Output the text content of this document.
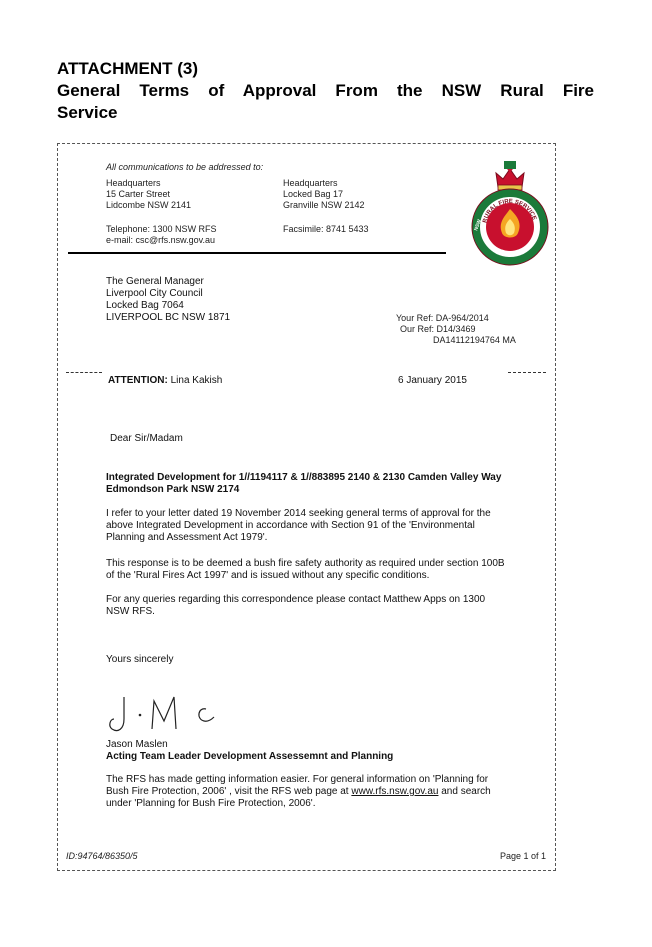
ATTACHMENT (3)
General Terms of Approval From the NSW Rural Fire
Service
All communications to be addressed to:
Headquarters
15 Carter Street
Lidcombe NSW 2141
Headquarters
Locked Bag 17
Granville NSW 2142
Telephone: 1300 NSW RFS
e-mail: csc@rfs.nsw.gov.au
Facsimile: 8741 5433
RURAL FIRE SERVICE
NSW
The General Manager
Liverpool City Council
Locked Bag 7064
LIVERPOOL BC NSW 1871	Your Ref: DA-964/2014
Our Ref: D14/3469
DA14112194764 MA
ATTENTION: Lina Kakish	6 January 2015
Dear Sir/Madam
Integrated Development for 1//1194117 & 1//883895 2140 & 2130 Camden Valley Way Edmondson Park NSW 2174
I refer to your letter dated 19 November 2014 seeking general terms of approval for the above Integrated Development in accordance with Section 91 of the 'Environmental Planning and Assessment Act 1979'.
This response is to be deemed a bush fire safety authority as required under section 100B of the 'Rural Fires Act 1997' and is issued without any specific conditions.
For any queries regarding this correspondence please contact Matthew Apps on 1300 NSW RFS.
Yours sincerely
Jason Maslen
Acting Team Leader Development Assessemnt and Planning
The RFS has made getting information easier. For general information on 'Planning for Bush Fire Protection, 2006' , visit the RFS web page at www.rfs.nsw.gov.au and search under 'Planning for Bush Fire Protection, 2006'.
ID:94764/86350/5	Page 1 of 1
